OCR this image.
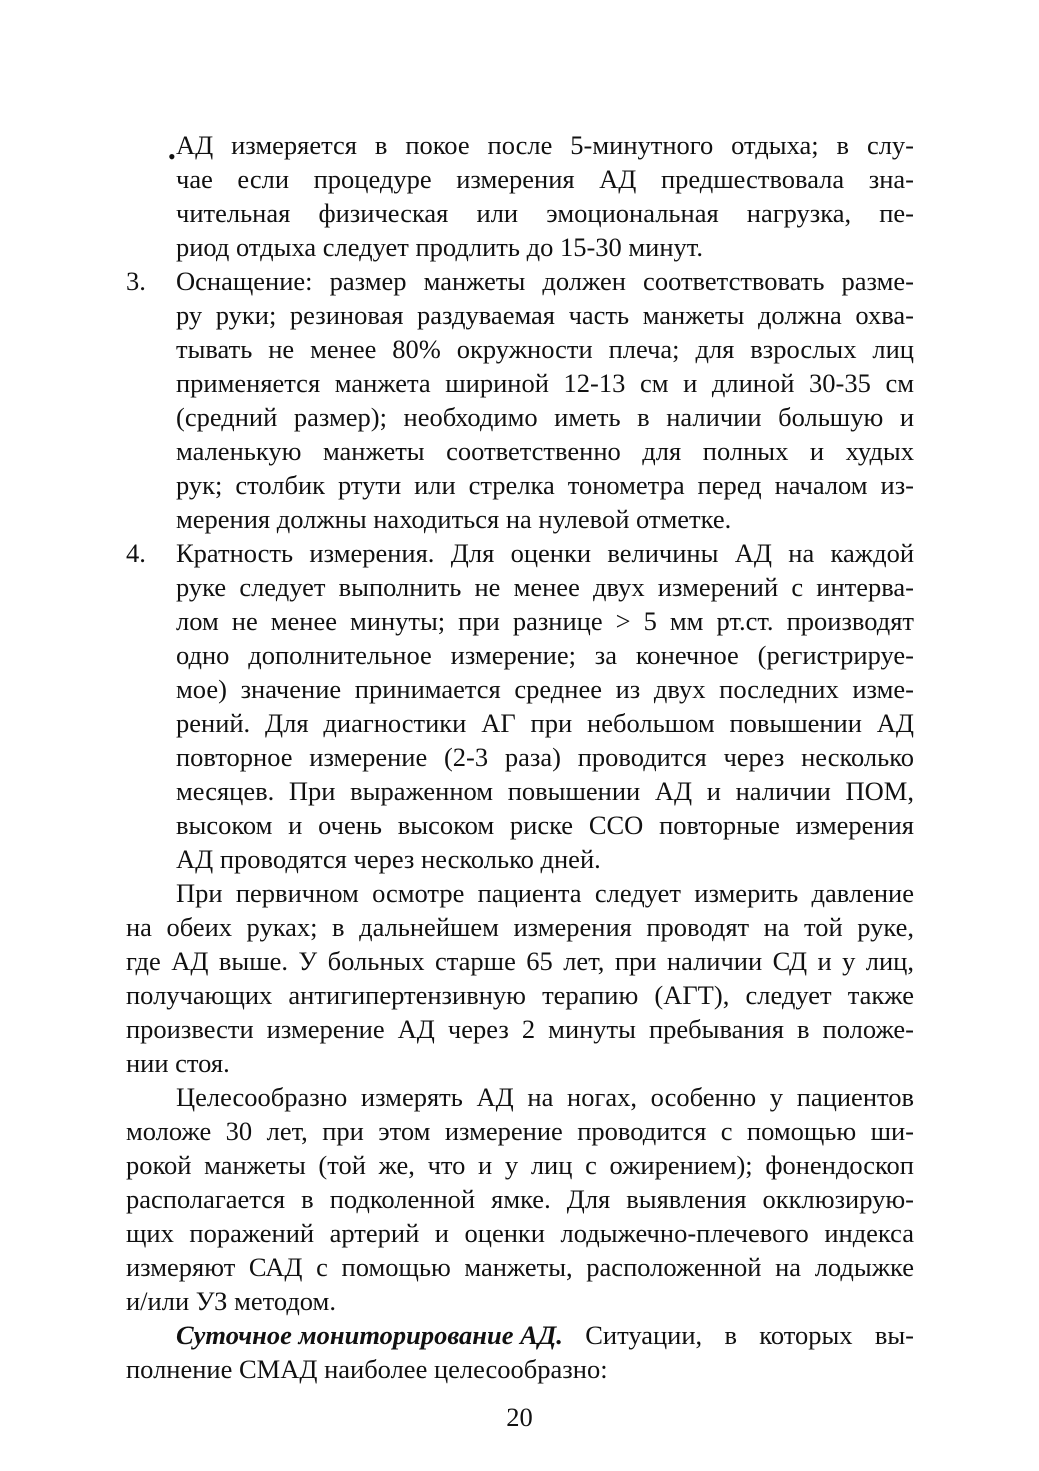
• АД измеряется в покое после 5-минутного отдыха; в слу-
чае если процедуре измерения АД предшествовала зна-
чительная физическая или эмоциональная нагрузка, пе-
риод отдыха следует продлить до 15-30 минут.
3. Оснащение: размер манжеты должен соответствовать разме-
ру руки; резиновая раздуваемая часть манжеты должна охва-
тывать не менее 80% окружности плеча; для взрослых лиц
применяется манжета шириной 12-13 см и длиной 30-35 см
(средний размер); необходимо иметь в наличии большую и
маленькую манжеты соответственно для полных и худых
рук; столбик ртути или стрелка тонометра перед началом из-
мерения должны находиться на нулевой отметке.
4. Кратность измерения. Для оценки величины АД на каждой
руке следует выполнить не менее двух измерений с интерва-
лом не менее минуты; при разнице > 5 мм рт.ст. производят
одно дополнительное измерение; за конечное (регистрируе-
мое) значение принимается среднее из двух последних изме-
рений. Для диагностики АГ при небольшом повышении АД
повторное измерение (2-3 раза) проводится через несколько
месяцев. При выраженном повышении АД и наличии ПОМ,
высоком и очень высоком риске ССО повторные измерения
АД проводятся через несколько дней.
При первичном осмотре пациента следует измерить давление
на обеих руках; в дальнейшем измерения проводят на той руке,
где АД выше. У больных старше 65 лет, при наличии СД и у лиц,
получающих антигипертензивную терапию (АГТ), следует также
произвести измерение АД через 2 минуты пребывания в положе-
нии стоя.
Целесообразно измерять АД на ногах, особенно у пациентов
моложе 30 лет, при этом измерение проводится с помощью ши-
рокой манжеты (той же, что и у лиц с ожирением); фонендоскоп
располагается в подколенной ямке. Для выявления окклюзирую-
щих поражений артерий и оценки лодыжечно-плечевого индекса
измеряют САД с помощью манжеты, расположенной на лодыжке
и/или УЗ методом.
Суточное мониторирование АД. Ситуации, в которых вы-
полнение СМАД наиболее целесообразно:
20
